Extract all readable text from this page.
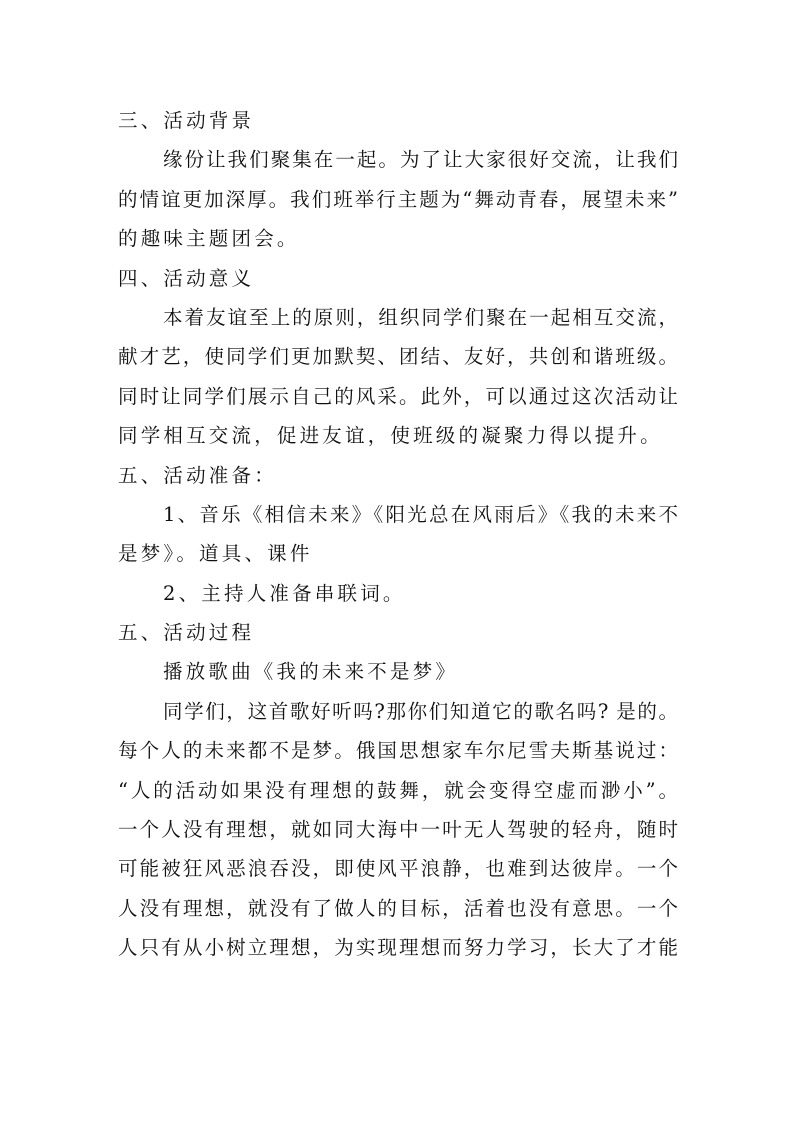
三、活动背景
缘份让我们聚集在一起。为了让大家很好交流，让我们
的情谊更加深厚。我们班举行主题为“舞动青春，展望未来”
的趣味主题团会。
四、活动意义
本着友谊至上的原则，组织同学们聚在一起相互交流，
献才艺，使同学们更加默契、团结、友好，共创和谐班级。
同时让同学们展示自己的风采。此外，可以通过这次活动让
同学相互交流，促进友谊，使班级的凝聚力得以提升。
五、活动准备：
1、音乐《相信未来》《阳光总在风雨后》《我的未来不
是梦》。道具、课件
2、主持人准备串联词。
五、活动过程
播放歌曲《我的未来不是梦》
同学们，这首歌好听吗?那你们知道它的歌名吗? 是的。
每个人的未来都不是梦。俄国思想家车尔尼雪夫斯基说过：
“人的活动如果没有理想的鼓舞，就会变得空虚而渺小”。
一个人没有理想，就如同大海中一叶无人驾驶的轻舟，随时
可能被狂风恶浪吞没，即使风平浪静，也难到达彼岸。一个
人没有理想，就没有了做人的目标，活着也没有意思。一个
人只有从小树立理想，为实现理想而努力学习，长大了才能
